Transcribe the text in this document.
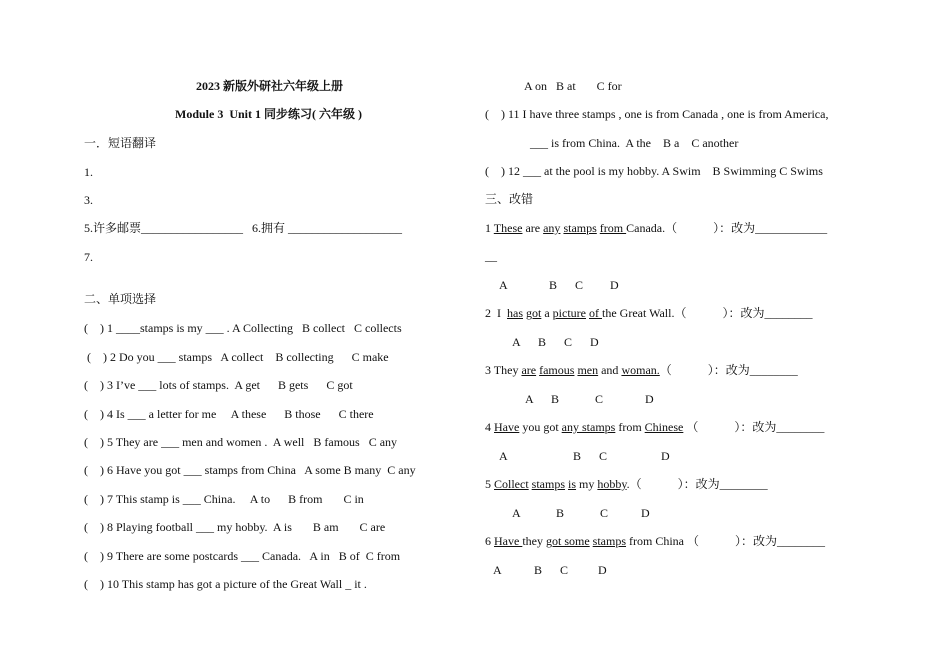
2023 新版外研社六年级上册
Module 3  Unit 1 同步练习( 六年级 )
一．短语翻译
1.
3.
5.许多邮票_________________   6.拥有 ___________________
7.
二、单项选择
(    ) 1 ____stamps is my ___ . A Collecting   B collect   C collects
(    ) 2 Do you ___ stamps   A collect    B collecting      C make
(    ) 3 I’ve ___ lots of stamps.  A get      B gets      C got
(    ) 4 Is ___ a letter for me     A these      B those      C there
(    ) 5 They are ___ men and women .  A well   B famous   C any
(    ) 6 Have you got ___ stamps from China   A some B many  C any
(    ) 7 This stamp is ___ China.     A to      B from       C in
(    ) 8 Playing football ___ my hobby.  A is       B am       C are
(    ) 9 There are some postcards ___ Canada.   A in   B of  C from
(    ) 10 This stamp has got a picture of the Great Wall _ it .
A on   B at       C for
(    ) 11 I have three stamps , one is from Canada , one is from America,
___ is from China.  A the    B a    C another
(    ) 12 ___ at the pool is my hobby. A Swim    B Swimming C Swims
三、改错
1 These are any stamps from Canada.（            ）：改为____________
__
A              B      C         D
2  I  has got a picture of the Great Wall.（            ）：改为________
A      B      C      D
3 They are famous men and woman.（            ）：改为________
A      B            C              D
4 Have you got any stamps from Chinese （            ）：改为________
A                      B      C                  D
5 Collect stamps is my hobby.（            ）：改为________
A            B            C           D
6 Have they got some stamps from China （            ）：改为________
A           B      C          D
